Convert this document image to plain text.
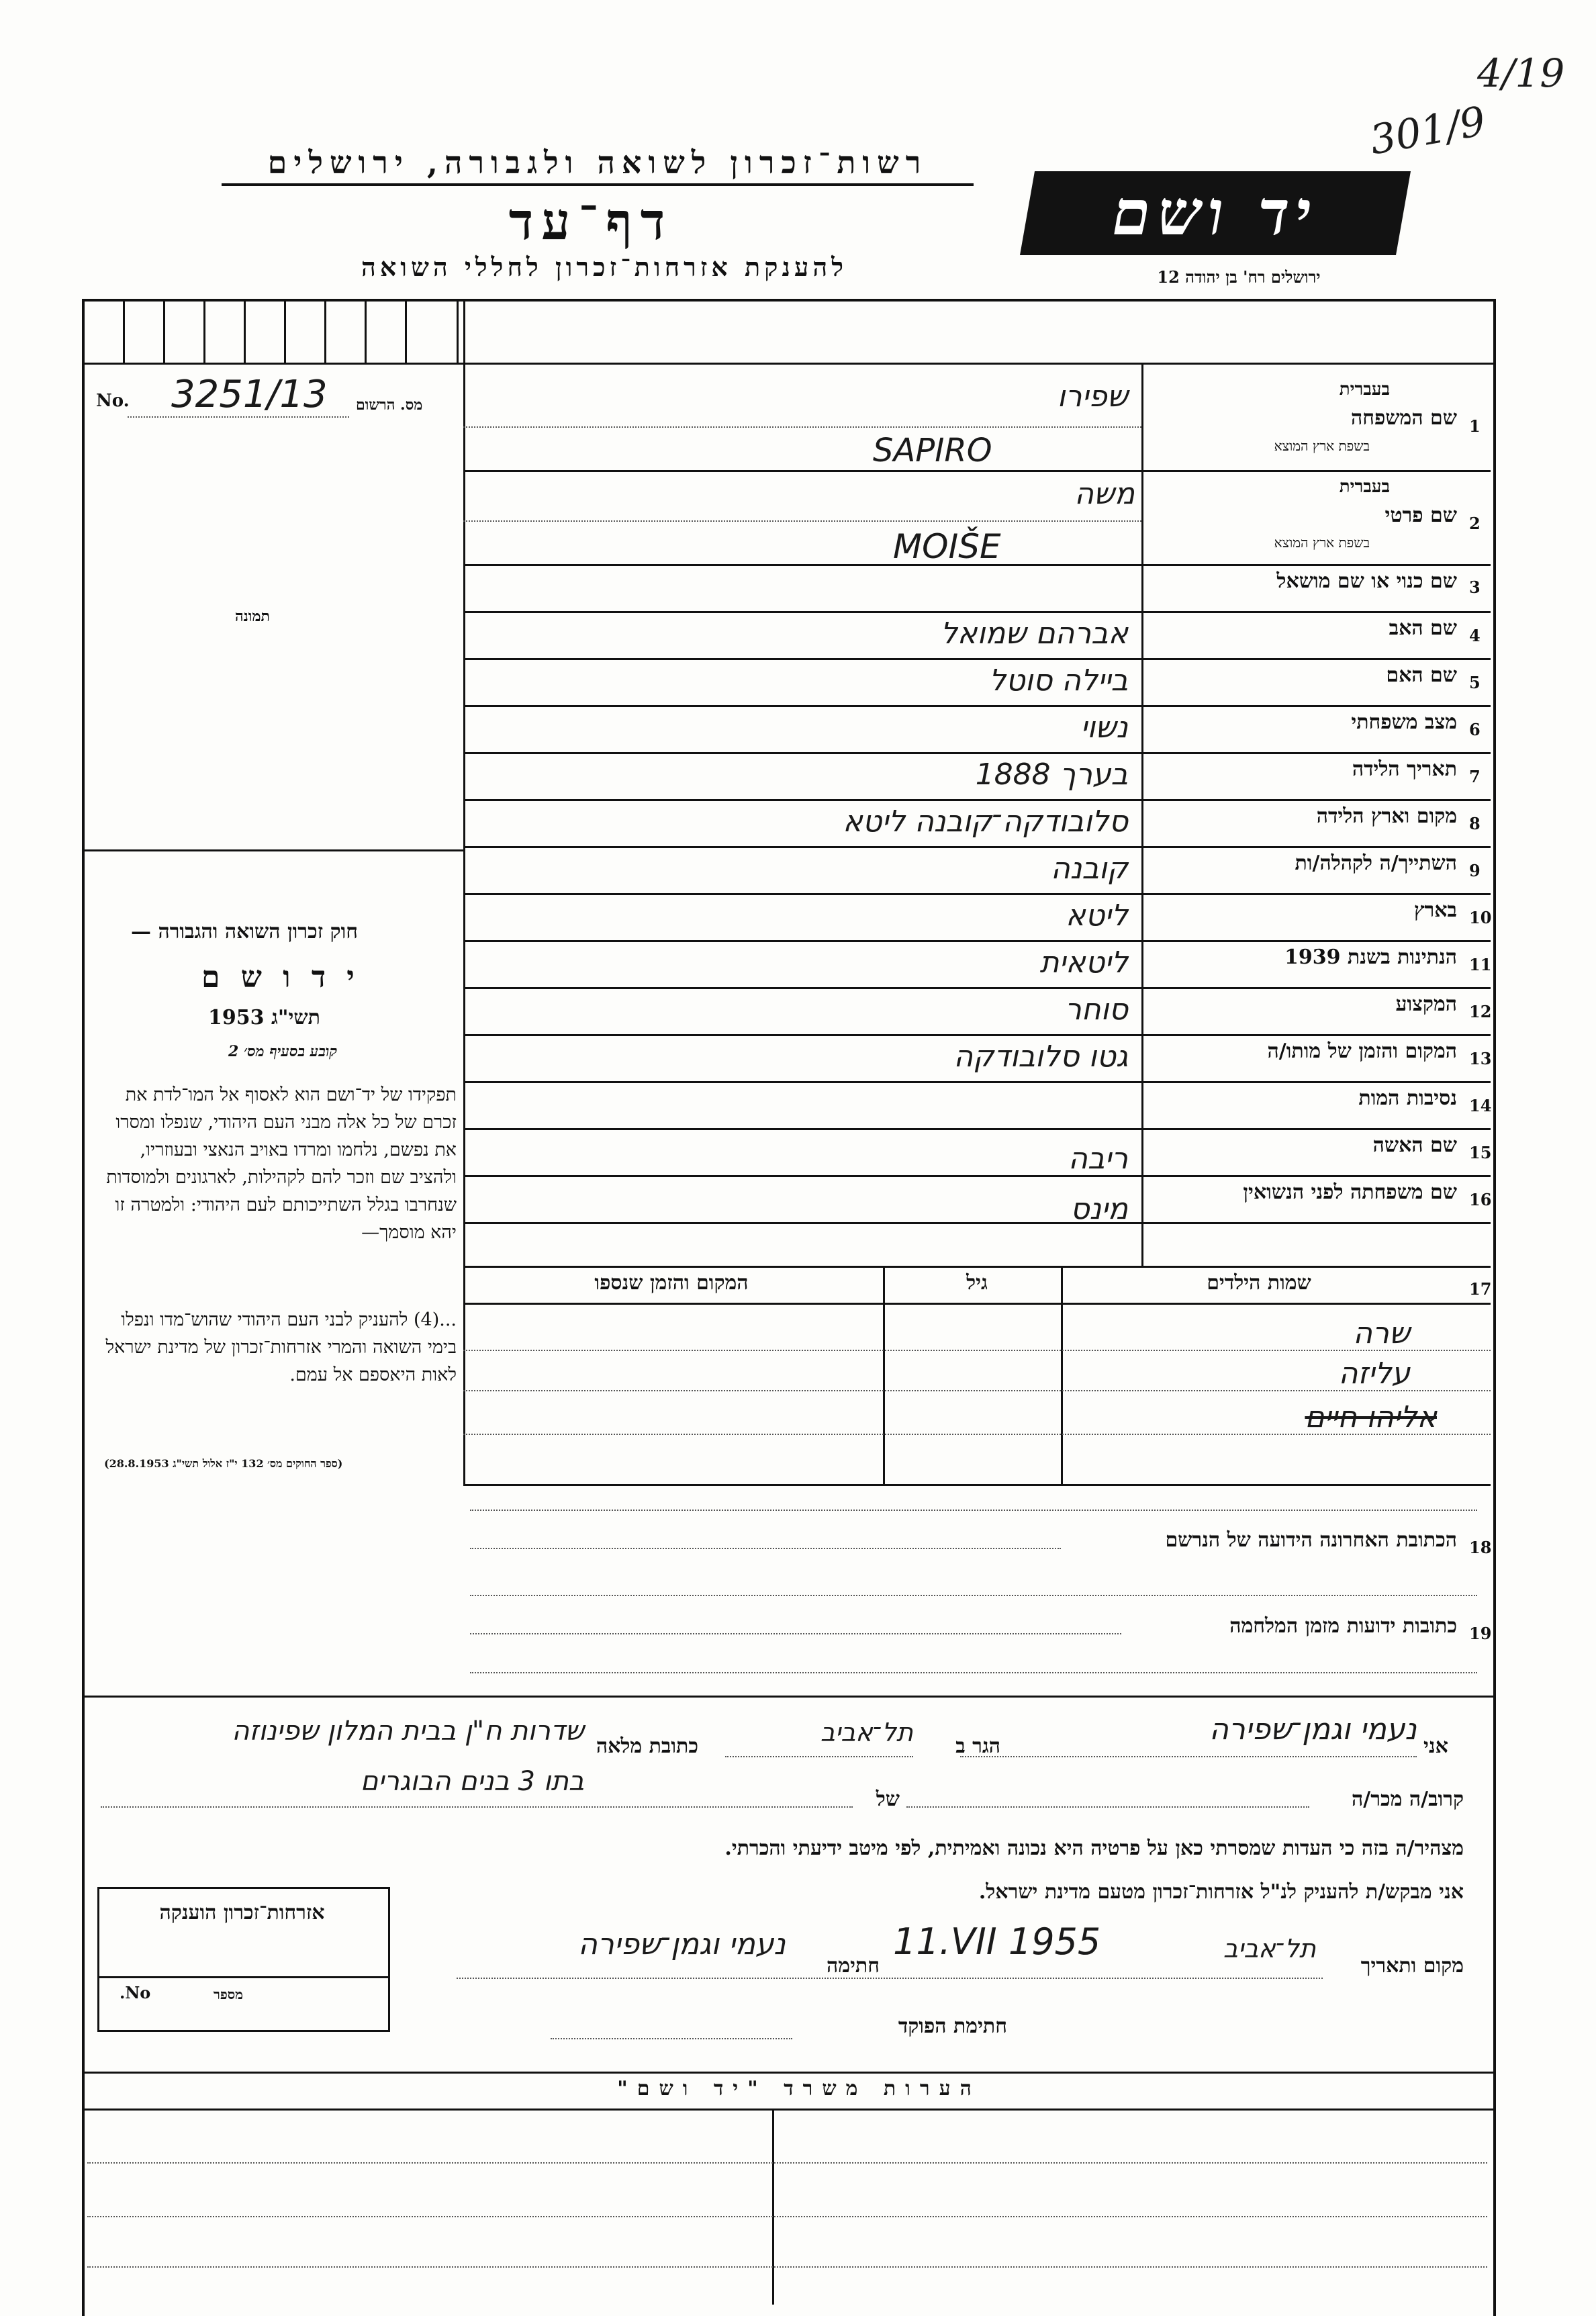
רשות־זכרון לשואה ולגבורה, ירושלים
דף־עד
להענקת אזרחות־זכרון לחללי השואה
יד ושם
ירושלים רח' בן יהודה 12
301/9
4/19
No. 3251/13 מס. הרשום
תמונה
חוק זכרון השואה והגבורה —
י ד ו ש ם
תשי"ג 1953
קובע בסעיף מס׳ 2
תפקידו של יד־ושם הוא לאסוף אל המו־לדת את זכרם של כל אלה מבני העם היהודי, שנפלו ומסרו את נפשם, נלחמו ומרדו באויב הנאצי ובעוזריו, ולהציב שם וזכר להם לקהילות, לארגונים ולמוסדות שנחרבו בגלל השתייכותם לעם היהודי: ולמטרה זו יהא מוסמך—
...(4) להעניק לבני העם היהודי שהוש־מדו ונפלו בימי השואה והמרי אזרחות־זכרון של מדינת ישראל לאות היאספם אל עמם.
(ספר החוקים מס׳ 132 י"ז אלול תשי"ג 28.8.1953)
1
שם המשפחה
בעברית
בשפת ארץ המוצא
שפירו
SAPIRO
2
שם פרטי
בעברית
בשפת ארץ המוצא
משה
MOIŠE
3
שם כנוי או שם מושאל
4
שם האב
אברהם שמואל
5
שם האם
ביילה סוטל
6
מצב משפחתי
נשוי
7
תאריך הלידה
בערך 1888
8
מקום וארץ הלידה
סלובודקה־קובנה ליטא
9
השתייך/ה לקהלה/ות
קובנה
10
בארץ
ליטא
11
הנתינות בשנת 1939
ליטאית
12
המקצוע
סוחר
13
המקום והזמן של מותו/ה
גטו סלובודקה
14
נסיבות המות
15
שם האשה
ריבה
16
שם משפחתה לפני הנשואין
מינס
17
שמות הילדים
גיל
המקום והזמן שנספו
שרה
עליזה
אליהו חיים
18
הכתובת האחרונה הידועה של הנרשם
19
כתובות ידועות מזמן המלחמה
אני
נעמי וגמן־שפירה
הגר ב
תל־אביב
כתובת מלאה
שדרות ח"ן בבית המלון שפינוזה
קרוב/ה מכר/ה
של
בתו 3 בנים הבוגרים
מצהיר/ה בזה כי העדות שמסרתי כאן על פרטיה היא נכונה ואמיתית, לפי מיטב ידיעתי והכרתי.
אני מבקש/ת להעניק לנ"ל אזרחות־זכרון מטעם מדינת ישראל.
מקום ותאריך
תל־אביב
11.VII 1955
חתימה
נעמי וגמן־שפירה
חתימת הפוקד
אזרחות־זכרון הוענקה
No.	מספר
הערות משרד "יד ושם"
